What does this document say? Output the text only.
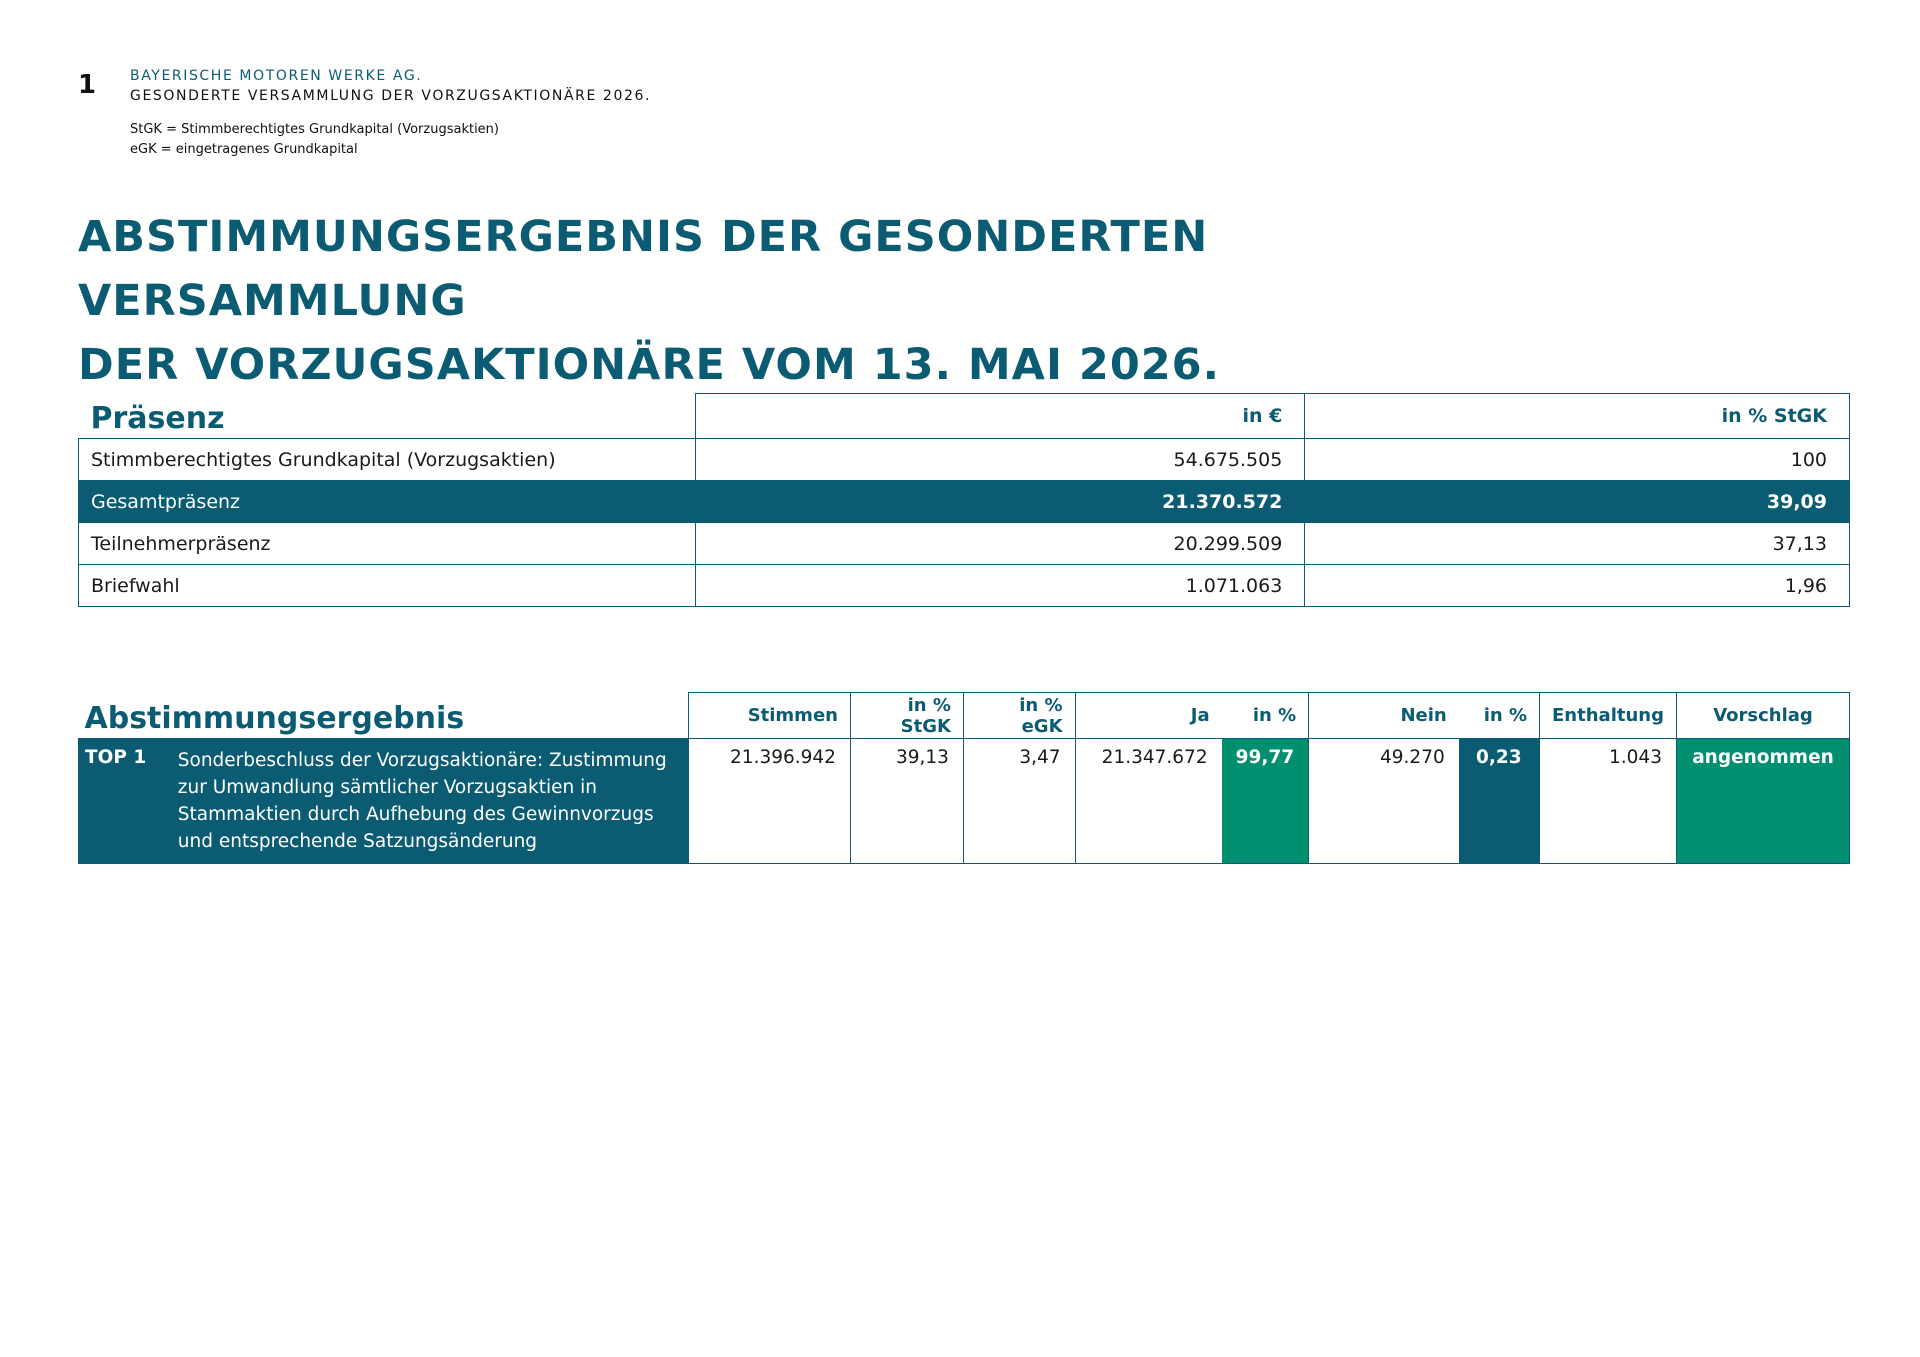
1 BAYERISCHE MOTOREN WERKE AG.
GESONDERTE VERSAMMLUNG DER VORZUGSAKTIONÄRE 2026.
StGK = Stimmberechtigtes Grundkapital (Vorzugsaktien)
eGK = eingetragenes Grundkapital
ABSTIMMUNGSERGEBNIS DER GESONDERTEN VERSAMMLUNG
DER VORZUGSAKTIONÄRE VOM 13. MAI 2026.
Präsenz	in €	in % StGK
Stimmberechtigtes Grundkapital (Vorzugsaktien)	54.675.505	100
Gesamtpräsenz	21.370.572	39,09
Teilnehmerpräsenz	20.299.509	37,13
Briefwahl	1.071.063	1,96
Abstimmungsergebnis		Stimmen	in % StGK	in % eGK	Ja	in %	Nein	in %	Enthaltung	Vorschlag
TOP 1	Sonderbeschluss der Vorzugsaktionäre: Zustimmung zur Umwandlung sämtlicher Vorzugsaktien in Stammaktien durch Aufhebung des Gewinnvorzugs und entsprechende Satzungsänderung	21.396.942	39,13	3,47	21.347.672	99,77	49.270	0,23	1.043	angenommen
